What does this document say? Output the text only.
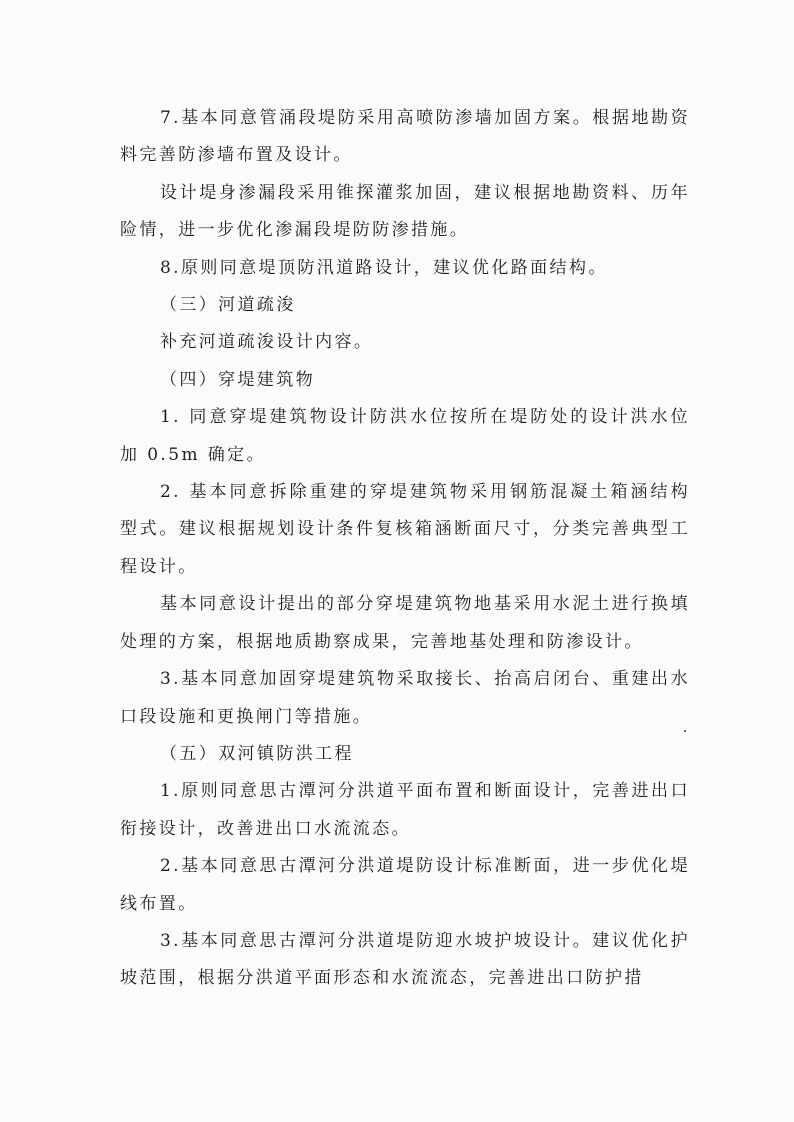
7.基本同意管涌段堤防采用高喷防渗墙加固方案。根据地勘资料完善防渗墙布置及设计。

设计堤身渗漏段采用锥探灌浆加固，建议根据地勘资料、历年险情，进一步优化渗漏段堤防防渗措施。

8.原则同意堤顶防汛道路设计，建议优化路面结构。

（三）河道疏浚

补充河道疏浚设计内容。

（四）穿堤建筑物

1. 同意穿堤建筑物设计防洪水位按所在堤防处的设计洪水位加 0.5m 确定。

2. 基本同意拆除重建的穿堤建筑物采用钢筋混凝土箱涵结构型式。建议根据规划设计条件复核箱涵断面尺寸，分类完善典型工程设计。

基本同意设计提出的部分穿堤建筑物地基采用水泥土进行换填处理的方案，根据地质勘察成果，完善地基处理和防渗设计。

3.基本同意加固穿堤建筑物采取接长、抬高启闭台、重建出水口段设施和更换闸门等措施。

（五）双河镇防洪工程

1.原则同意思古潭河分洪道平面布置和断面设计，完善进出口衔接设计，改善进出口水流流态。

2.基本同意思古潭河分洪道堤防设计标准断面，进一步优化堤线布置。

3.基本同意思古潭河分洪道堤防迎水坡护坡设计。建议优化护坡范围，根据分洪道平面形态和水流流态，完善进出口防护措
